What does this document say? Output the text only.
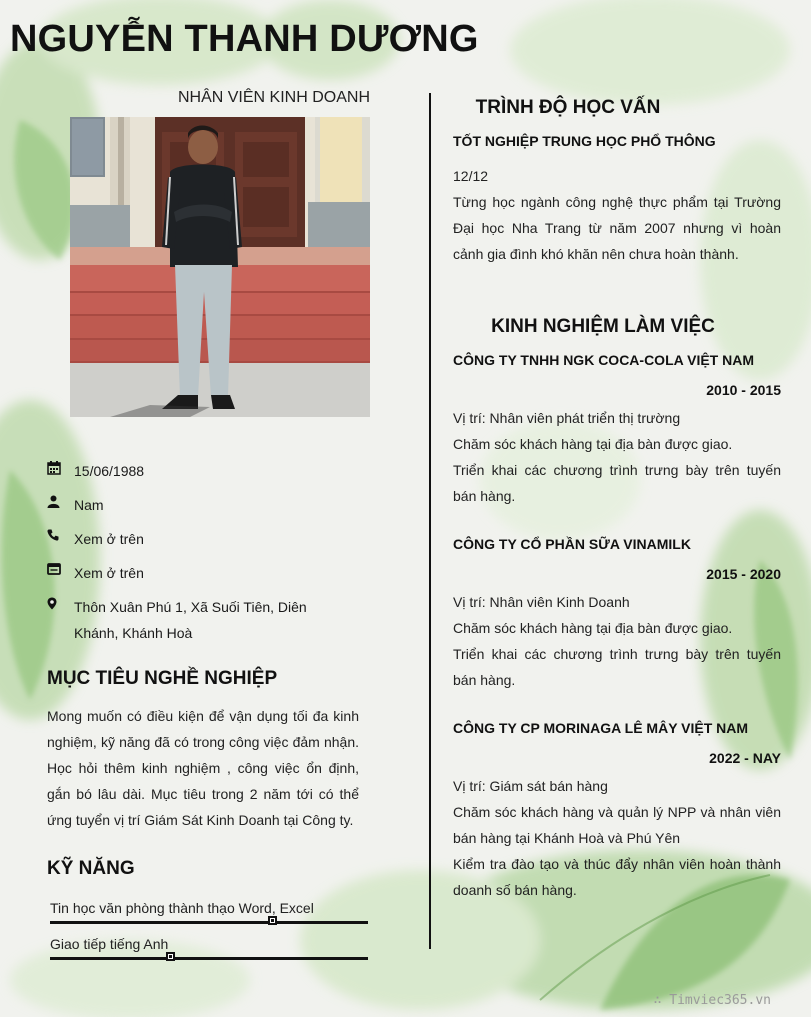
NGUYỄN THANH DƯƠNG
NHÂN VIÊN KINH DOANH
15/06/1988
Nam
Xem ở trên
Xem ở trên
Thôn Xuân Phú 1, Xã Suối Tiên, Diên Khánh, Khánh Hoà
MỤC TIÊU NGHỀ NGHIỆP

Mong muốn có điều kiện để vận dụng tối đa kinh nghiệm, kỹ năng đã có trong công việc đảm nhận. Học hỏi thêm kinh nghiệm , công việc ổn định, gắn bó lâu dài. Mục tiêu trong 2 năm tới có thể ứng tuyển vị trí Giám Sát Kinh Doanh tại Công ty.

KỸ NĂNG
Tin học văn phòng thành thạo Word, Excel
Giao tiếp tiếng Anh
TRÌNH ĐỘ HỌC VẤN
TỐT NGHIỆP TRUNG HỌC PHỔ THÔNG
12/12
Từng học ngành công nghệ thực phẩm tại Trường Đại học Nha Trang từ năm 2007 nhưng vì hoàn cảnh gia đình khó khăn nên chưa hoàn thành.
KINH NGHIỆM LÀM VIỆC
CÔNG TY TNHH NGK COCA-COLA VIỆT NAM
2010 - 2015
Vị trí: Nhân viên phát triển thị trường
Chăm sóc khách hàng tại địa bàn được giao.
Triển khai các chương trình trưng bày trên tuyến bán hàng.
CÔNG TY CỔ PHẦN SỮA VINAMILK
2015 - 2020
Vị trí: Nhân viên Kinh Doanh
Chăm sóc khách hàng tại địa bàn được giao.
Triển khai các chương trình trưng bày trên tuyến bán hàng.
CÔNG TY CP MORINAGA LÊ MÂY VIỆT NAM
2022 - NAY
Vị trí: Giám sát bán hàng
Chăm sóc khách hàng và quản lý NPP và nhân viên bán hàng tại Khánh Hoà và Phú Yên
Kiểm tra đào tạo và thúc đẩy nhân viên hoàn thành doanh số bán hàng.
∴ Timviec365.vn
